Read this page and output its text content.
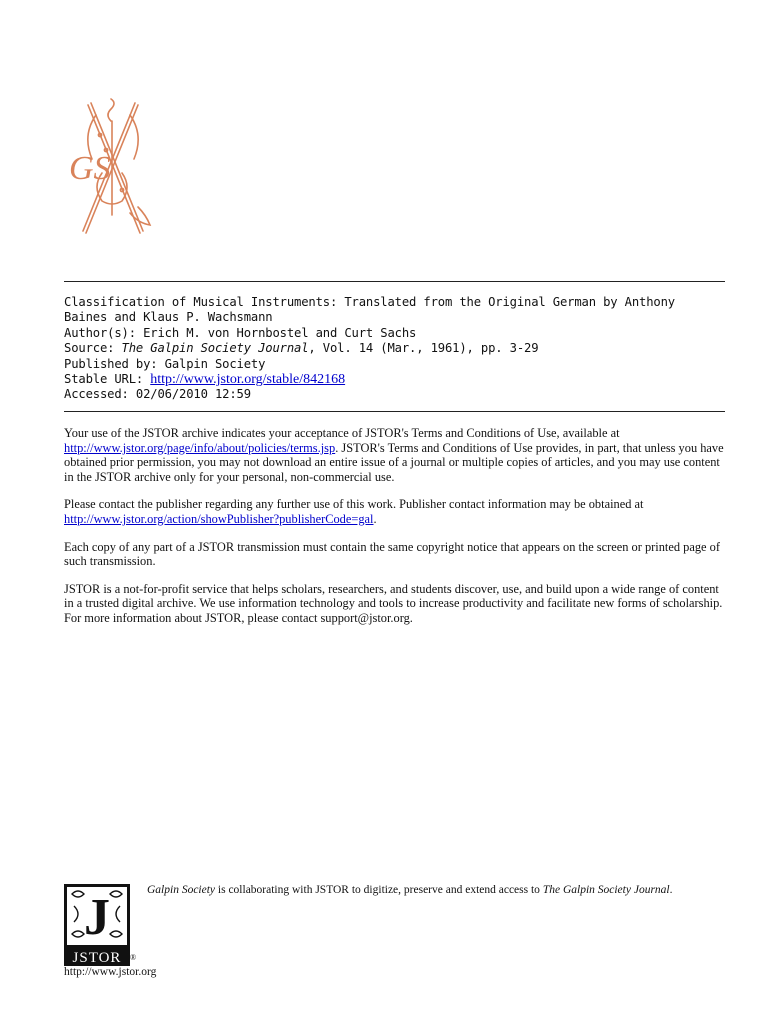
GS
Classification of Musical Instruments: Translated from the Original German by Anthony
Baines and Klaus P. Wachsmann
Author(s): Erich M. von Hornbostel and Curt Sachs
Source: The Galpin Society Journal, Vol. 14 (Mar., 1961), pp. 3-29
Published by: Galpin Society
Stable URL: http://www.jstor.org/stable/842168
Accessed: 02/06/2010 12:59

Your use of the JSTOR archive indicates your acceptance of JSTOR's Terms and Conditions of Use, available at
http://www.jstor.org/page/info/about/policies/terms.jsp. JSTOR's Terms and Conditions of Use provides, in part, that unless you have obtained prior permission, you may not download an entire issue of a journal or multiple copies of articles, and you may use content in the JSTOR archive only for your personal, non-commercial use.

Please contact the publisher regarding any further use of this work. Publisher contact information may be obtained at
http://www.jstor.org/action/showPublisher?publisherCode=gal.

Each copy of any part of a JSTOR transmission must contain the same copyright notice that appears on the screen or printed page of such transmission.

JSTOR is a not-for-profit service that helps scholars, researchers, and students discover, use, and build upon a wide range of content in a trusted digital archive. We use information technology and tools to increase productivity and facilitate new forms of scholarship. For more information about JSTOR, please contact support@jstor.org.

J
JSTOR ®
http://www.jstor.org
Galpin Society is collaborating with JSTOR to digitize, preserve and extend access to The Galpin Society Journal.
